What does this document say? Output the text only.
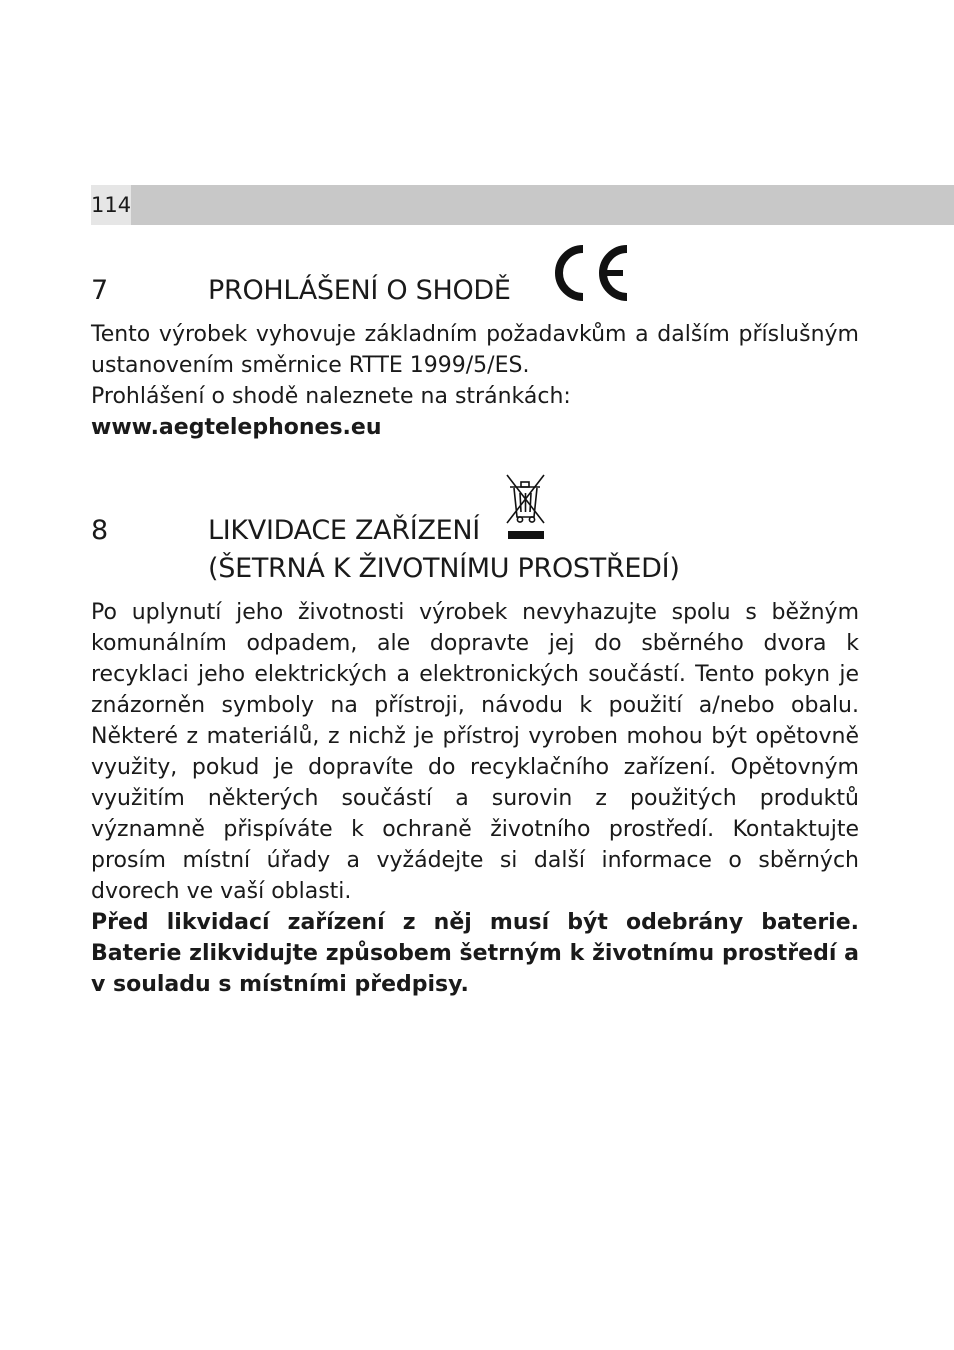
114
7	PROHLÁŠENÍ O SHODĚ

Tento výrobek vyhovuje základním požadavkům a dalším příslušným ustanovením směrnice RTTE 1999/5/ES.

Prohlášení o shodě naleznete na stránkách:

www.aegtelephones.eu

8	LIKVIDACE ZAŘÍZENÍ
(ŠETRNÁ K ŽIVOTNÍMU PROSTŘEDÍ)

Po uplynutí jeho životnosti výrobek nevyhazujte spolu s běžným komunálním odpadem, ale dopravte jej do sběrného dvora k recyklaci jeho elektrických a elektronických součástí. Tento pokyn je znázorněn symboly na přístroji, návodu k použití a/nebo obalu. Některé z materiálů, z nichž je přístroj vyroben mohou být opětovně využity, pokud je dopravíte do recyklačního zařízení. Opětovným využitím některých součástí a surovin z použitých produktů významně přispíváte k ochraně životního prostředí. Kontaktujte prosím místní úřady a vyžádejte si další informace o sběrných dvorech ve vaší oblasti.

Před likvidací zařízení z něj musí být odebrány baterie. Baterie zlikvidujte způsobem šetrným k životnímu prostředí a v souladu s místními předpisy.
